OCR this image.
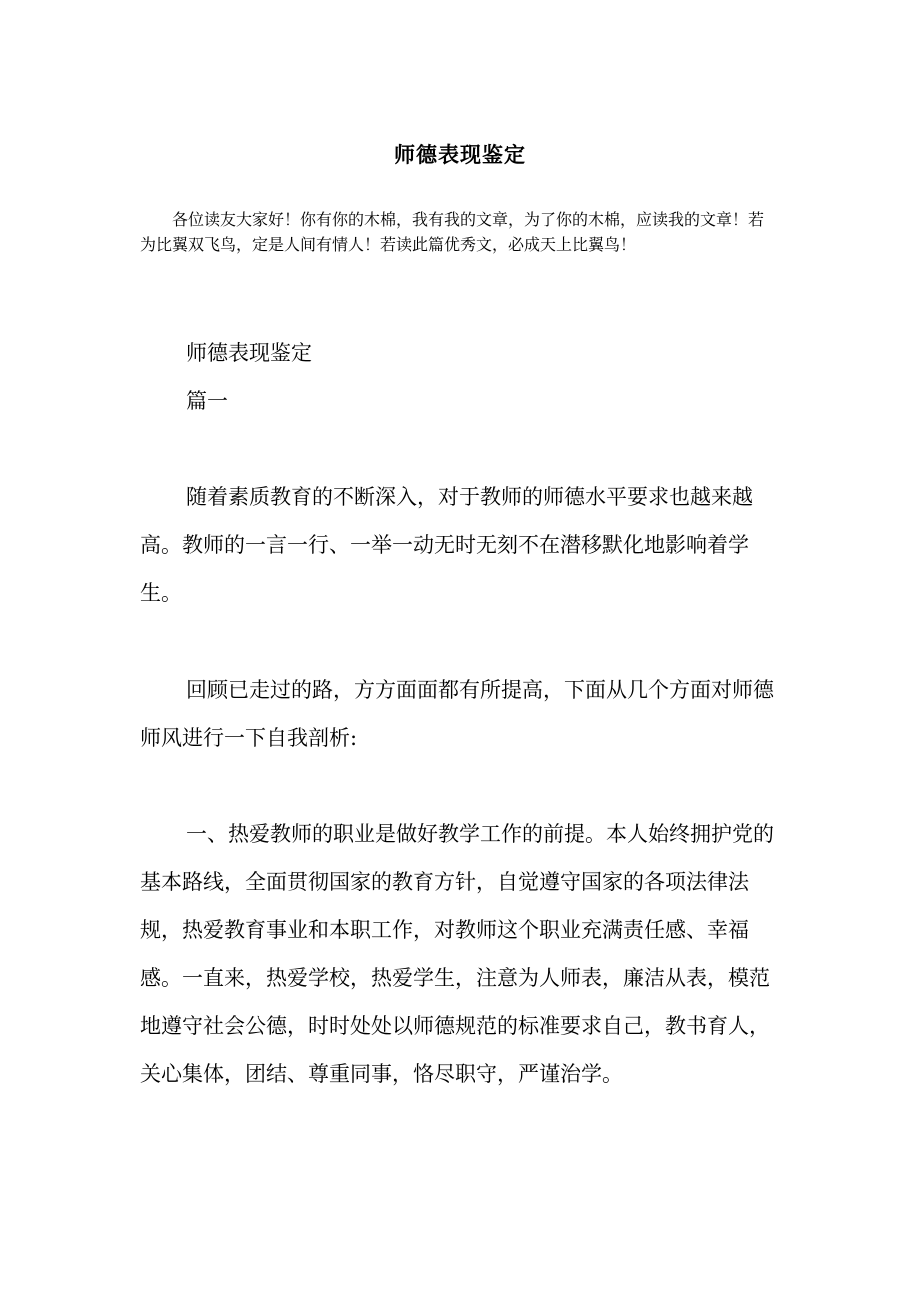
师德表现鉴定

各位读友大家好！你有你的木棉，我有我的文章，为了你的木棉，应读我的文章！若为比翼双飞鸟，定是人间有情人！若读此篇优秀文，必成天上比翼鸟！

师德表现鉴定

篇一

随着素质教育的不断深入，对于教师的师德水平要求也越来越高。教师的一言一行、一举一动无时无刻不在潜移默化地影响着学生。

回顾已走过的路，方方面面都有所提高，下面从几个方面对师德师风进行一下自我剖析:

一、热爱教师的职业是做好教学工作的前提。本人始终拥护党的基本路线，全面贯彻国家的教育方针，自觉遵守国家的各项法律法规，热爱教育事业和本职工作，对教师这个职业充满责任感、幸福感。一直来，热爱学校，热爱学生，注意为人师表，廉洁从表，模范地遵守社会公德，时时处处以师德规范的标准要求自己，教书育人，关心集体，团结、尊重同事，恪尽职守，严谨治学。
